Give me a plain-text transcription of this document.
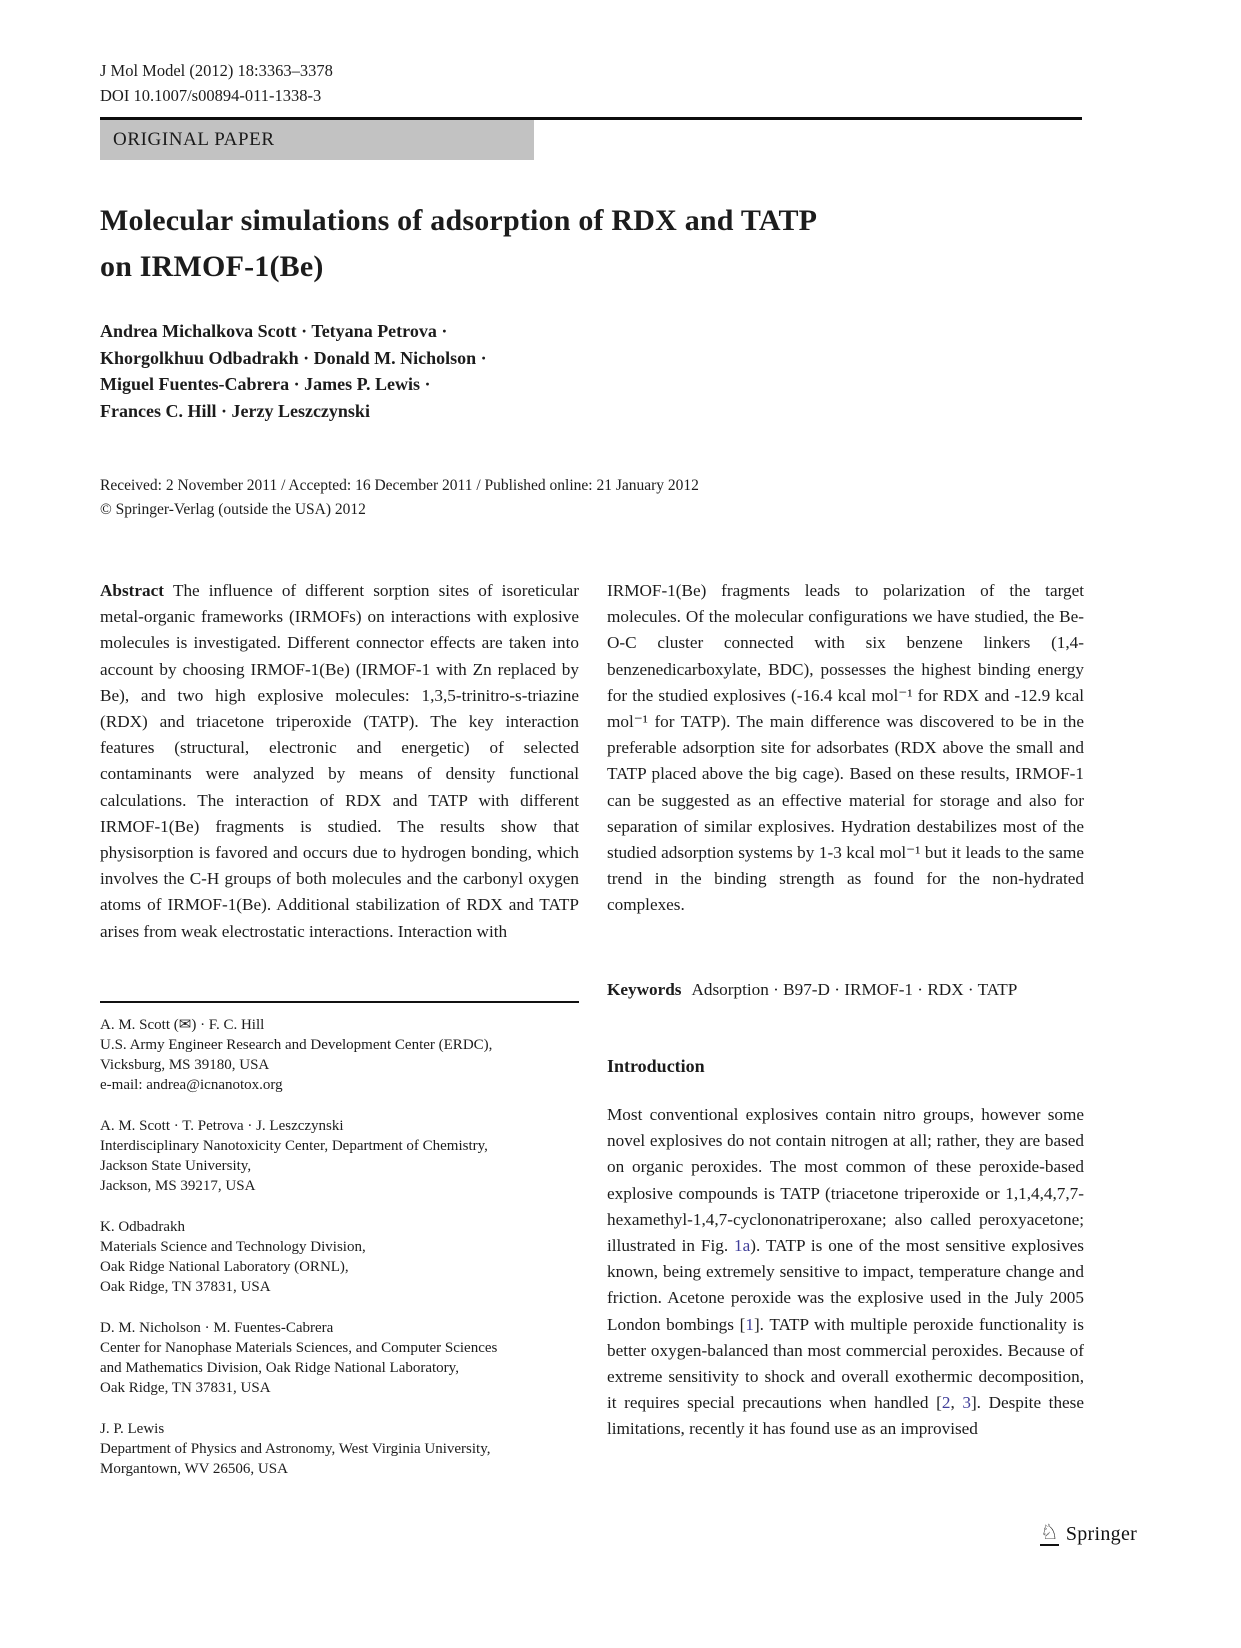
J Mol Model (2012) 18:3363–3378
DOI 10.1007/s00894-011-1338-3
ORIGINAL PAPER
Molecular simulations of adsorption of RDX and TATP
on IRMOF-1(Be)
Andrea Michalkova Scott · Tetyana Petrova ·
Khorgolkhuu Odbadrakh · Donald M. Nicholson ·
Miguel Fuentes-Cabrera · James P. Lewis ·
Frances C. Hill · Jerzy Leszczynski
Received: 2 November 2011 / Accepted: 16 December 2011 / Published online: 21 January 2012
© Springer-Verlag (outside the USA) 2012

Abstract The influence of different sorption sites of isoreticular metal-organic frameworks (IRMOFs) on interactions with explosive molecules is investigated. Different connector effects are taken into account by choosing IRMOF-1(Be) (IRMOF-1 with Zn replaced by Be), and two high explosive molecules: 1,3,5-trinitro-s-triazine (RDX) and triacetone triperoxide (TATP). The key interaction features (structural, electronic and energetic) of selected contaminants were analyzed by means of density functional calculations. The interaction of RDX and TATP with different IRMOF-1(Be) fragments is studied. The results show that physisorption is favored and occurs due to hydrogen bonding, which involves the C-H groups of both molecules and the carbonyl oxygen atoms of IRMOF-1(Be). Additional stabilization of RDX and TATP arises from weak electrostatic interactions. Interaction with

IRMOF-1(Be) fragments leads to polarization of the target molecules. Of the molecular configurations we have studied, the Be-O-C cluster connected with six benzene linkers (1,4-benzenedicarboxylate, BDC), possesses the highest binding energy for the studied explosives (-16.4 kcal mol⁻¹ for RDX and -12.9 kcal mol⁻¹ for TATP). The main difference was discovered to be in the preferable adsorption site for adsorbates (RDX above the small and TATP placed above the big cage). Based on these results, IRMOF-1 can be suggested as an effective material for storage and also for separation of similar explosives. Hydration destabilizes most of the studied adsorption systems by 1-3 kcal mol⁻¹ but it leads to the same trend in the binding strength as found for the non-hydrated complexes.

Keywords Adsorption · B97-D · IRMOF-1 · RDX · TATP
Introduction

Most conventional explosives contain nitro groups, however some novel explosives do not contain nitrogen at all; rather, they are based on organic peroxides. The most common of these peroxide-based explosive compounds is TATP (triacetone triperoxide or 1,1,4,4,7,7-hexamethyl-1,4,7-cyclononatriperoxane; also called peroxyacetone; illustrated in Fig. 1a). TATP is one of the most sensitive explosives known, being extremely sensitive to impact, temperature change and friction. Acetone peroxide was the explosive used in the July 2005 London bombings [1]. TATP with multiple peroxide functionality is better oxygen-balanced than most commercial peroxides. Because of extreme sensitivity to shock and overall exothermic decomposition, it requires special precautions when handled [2, 3]. Despite these limitations, recently it has found use as an improvised

A. M. Scott (✉) · F. C. Hill
U.S. Army Engineer Research and Development Center (ERDC),
Vicksburg, MS 39180, USA
e-mail: andrea@icnanotox.org
A. M. Scott · T. Petrova · J. Leszczynski
Interdisciplinary Nanotoxicity Center, Department of Chemistry,
Jackson State University,
Jackson, MS 39217, USA
K. Odbadrakh
Materials Science and Technology Division,
Oak Ridge National Laboratory (ORNL),
Oak Ridge, TN 37831, USA
D. M. Nicholson · M. Fuentes-Cabrera
Center for Nanophase Materials Sciences, and Computer Sciences
and Mathematics Division, Oak Ridge National Laboratory,
Oak Ridge, TN 37831, USA
J. P. Lewis
Department of Physics and Astronomy, West Virginia University,
Morgantown, WV 26506, USA
♘ Springer
